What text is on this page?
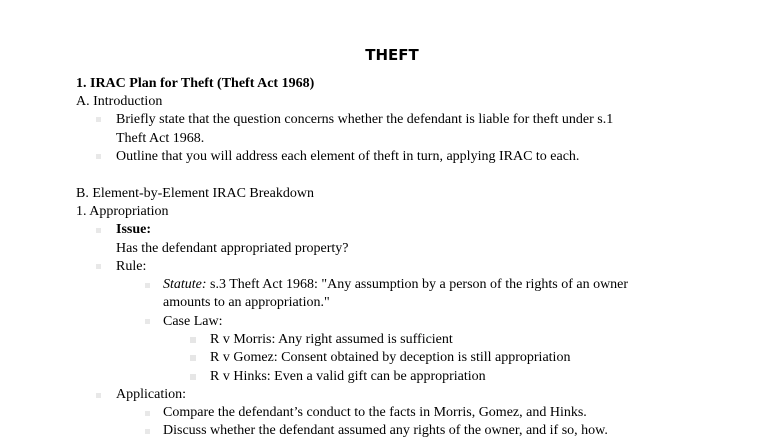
THEFT
1. IRAC Plan for Theft (Theft Act 1968)
A. Introduction
Briefly state that the question concerns whether the defendant is liable for theft under s.1
Theft Act 1968.
Outline that you will address each element of theft in turn, applying IRAC to each.
B. Element-by-Element IRAC Breakdown
1. Appropriation
Issue:
Has the defendant appropriated property?
Rule:
Statute: s.3 Theft Act 1968: "Any assumption by a person of the rights of an owner
amounts to an appropriation."
Case Law:
R v Morris: Any right assumed is sufficient
R v Gomez: Consent obtained by deception is still appropriation
R v Hinks: Even a valid gift can be appropriation
Application:
Compare the defendant’s conduct to the facts in Morris, Gomez, and Hinks.
Discuss whether the defendant assumed any rights of the owner, and if so, how.
